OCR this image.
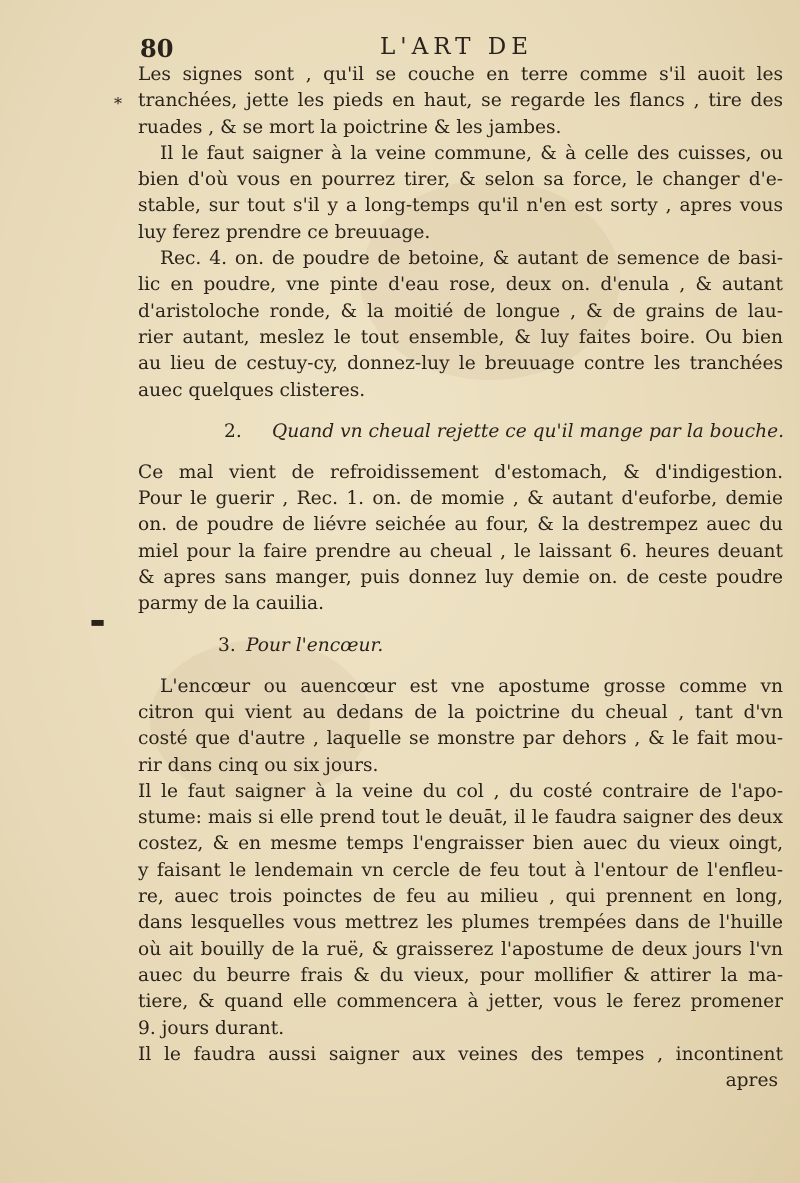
80	L'ART DE
*
▬
Les signes sont , qu'il se couche en terre comme s'il auoit les
tranchées, jette les pieds en haut, se regarde les flancs , tire des
ruades , & se mort la poictrine & les jambes.
Il le faut saigner à la veine commune, & à celle des cuisses, ou
bien d'où vous en pourrez tirer, & selon sa force, le changer d'e-
stable, sur tout s'il y a long-temps qu'il n'en est sorty , apres vous
luy ferez prendre ce breuuage.
Rec. 4. on. de poudre de betoine, & autant de semence de basi-
lic en poudre, vne pinte d'eau rose, deux on. d'enula , & autant
d'aristoloche ronde, & la moitié de longue , & de grains de lau-
rier autant, meslez le tout ensemble, & luy faites boire. Ou bien
au lieu de cestuy-cy, donnez-luy le breuuage contre les tranchées
auec quelques clisteres.
2. Quand vn cheual rejette ce qu'il mange par la bouche.
Ce mal vient de refroidissement d'estomach, & d'indigestion.
Pour le guerir , Rec. 1. on. de momie , & autant d'euforbe, demie
on. de poudre de liévre seichée au four, & la destrempez auec du
miel pour la faire prendre au cheual , le laissant 6. heures deuant
& apres sans manger, puis donnez luy demie on. de ceste poudre
parmy de la cauilia.
3. Pour l'encœur.
L'encœur ou auencœur est vne apostume grosse comme vn
citron qui vient au dedans de la poictrine du cheual , tant d'vn
costé que d'autre , laquelle se monstre par dehors , & le fait mou-
rir dans cinq ou six jours.
Il le faut saigner à la veine du col , du costé contraire de l'apo-
stume: mais si elle prend tout le deuāt, il le faudra saigner des deux
costez, & en mesme temps l'engraisser bien auec du vieux oingt,
y faisant le lendemain vn cercle de feu tout à l'entour de l'enfleu-
re, auec trois poinctes de feu au milieu , qui prennent en long,
dans lesquelles vous mettrez les plumes trempées dans de l'huille
où ait bouilly de la ruë, & graisserez l'apostume de deux jours l'vn
auec du beurre frais & du vieux, pour mollifier & attirer la ma-
tiere, & quand elle commencera à jetter, vous le ferez promener
9. jours durant.
Il le faudra aussi saigner aux veines des tempes , incontinent
apres
